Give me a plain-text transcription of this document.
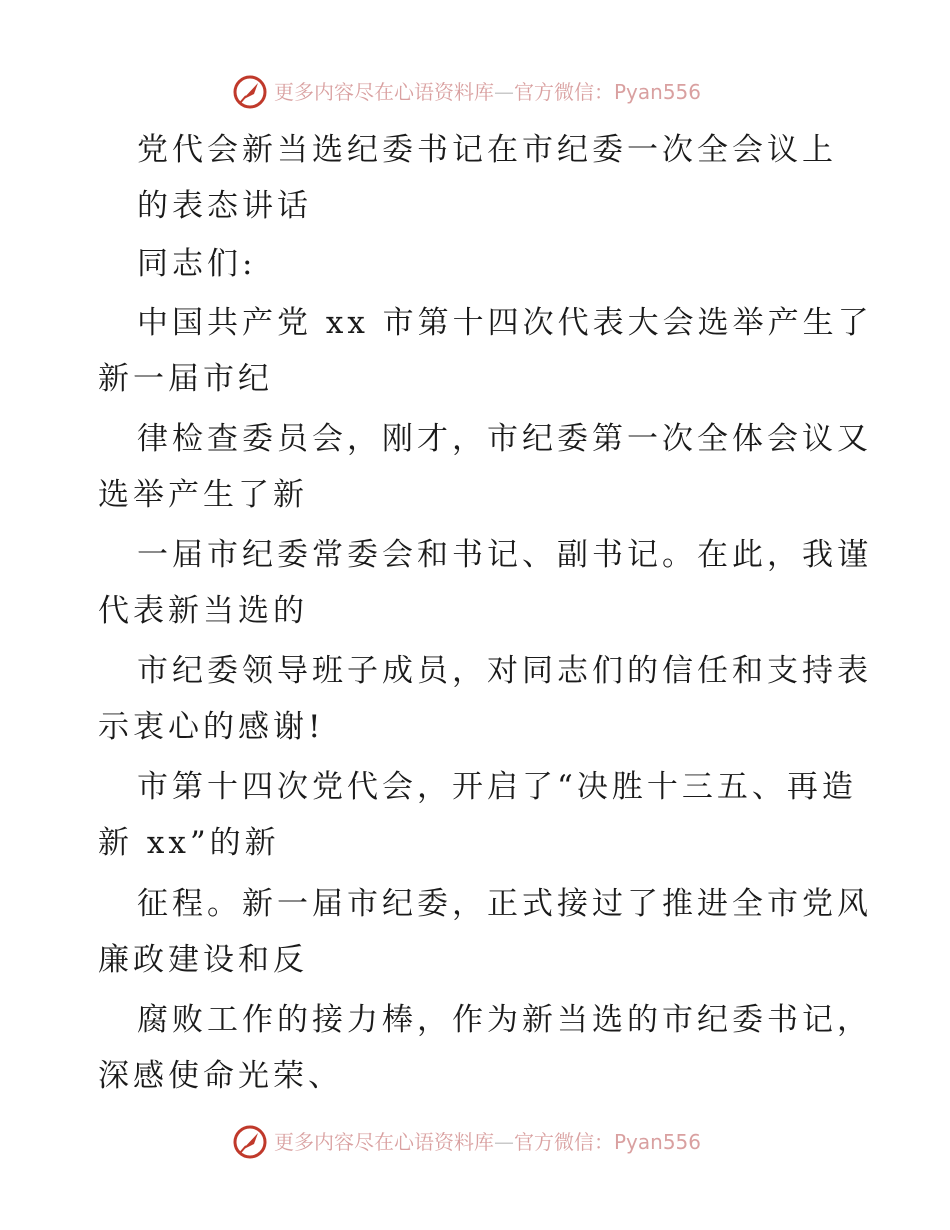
更多内容尽在心语资料库—官方微信：Pyan556
党代会新当选纪委书记在市纪委一次全会议上
的表态讲话
同志们:
中国共产党 xx 市第十四次代表大会选举产生了
新一届市纪
律检查委员会，刚才，市纪委第一次全体会议又
选举产生了新
一届市纪委常委会和书记、副书记。在此，我谨
代表新当选的
市纪委领导班子成员，对同志们的信任和支持表
示衷心的感谢!
市第十四次党代会，开启了“决胜十三五、再造
新 xx”的新
征程。新一届市纪委，正式接过了推进全市党风
廉政建设和反
腐败工作的接力棒，作为新当选的市纪委书记，
深感使命光荣、
更多内容尽在心语资料库—官方微信：Pyan556
